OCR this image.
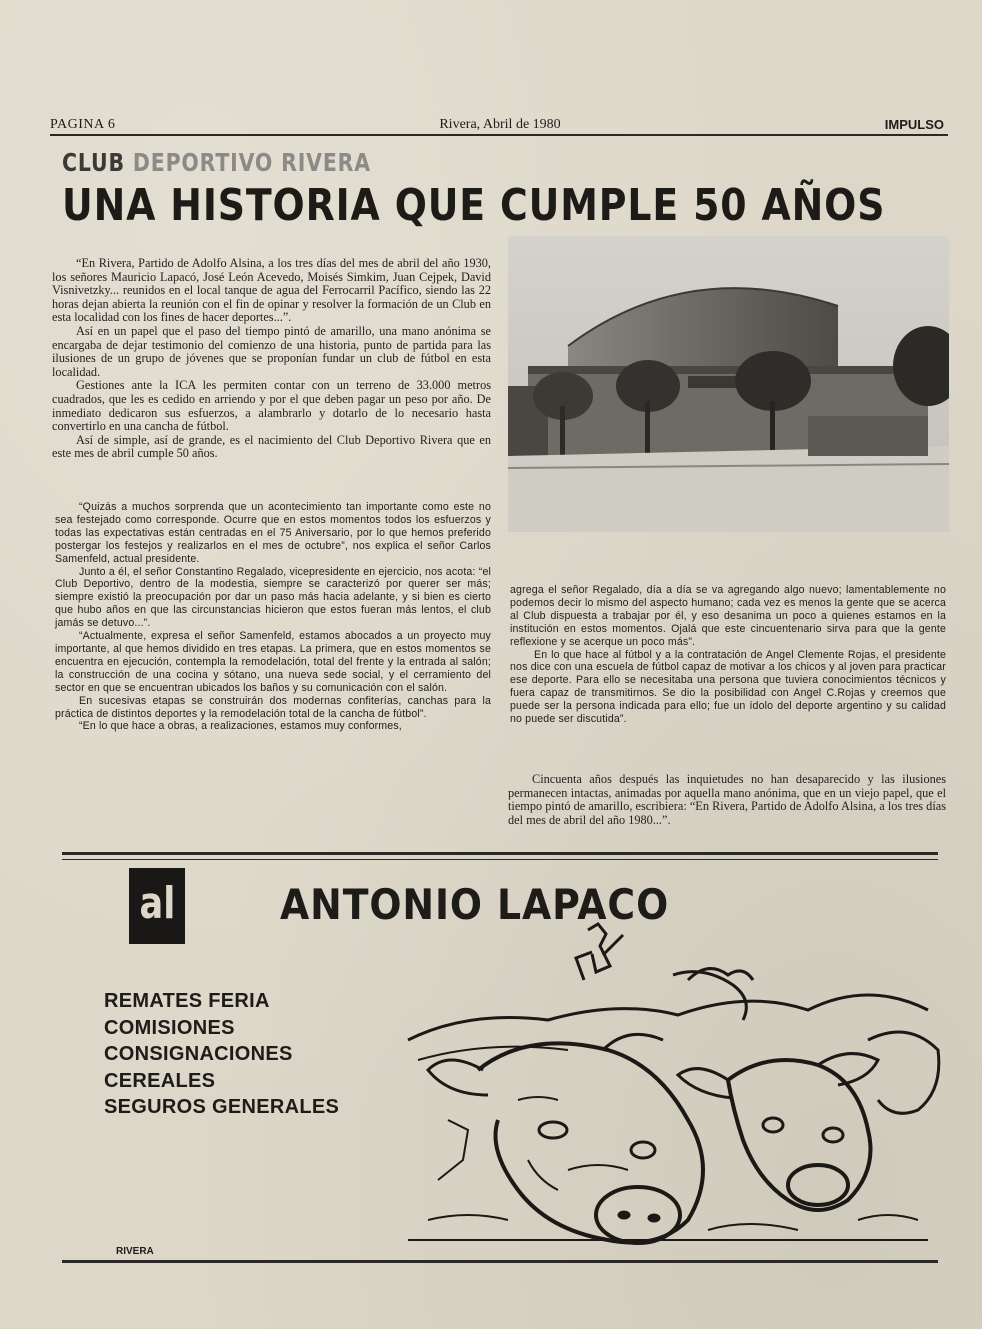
PAGINA 6	Rivera, Abril de 1980	IMPULSO
CLUB DEPORTIVO RIVERA
UNA HISTORIA QUE CUMPLE 50 AÑOS

“En Rivera, Partido de Adolfo Alsina, a los tres días del mes de abril del año 1930, los señores Mauricio Lapacó, José León Acevedo, Moisés Simkim, Juan Cejpek, David Visnivetzky... reunidos en el local tanque de agua del Ferrocarril Pacífico, siendo las 22 horas dejan abierta la reunión con el fin de opinar y resolver la formación de un Club en esta localidad con los fines de hacer deportes...”.

Así en un papel que el paso del tiempo pintó de amarillo, una mano anónima se encargaba de dejar testimonio del comienzo de una historia, punto de partida para las ilusiones de un grupo de jóvenes que se proponían fundar un club de fútbol en esta localidad.

Gestiones ante la ICA les permiten contar con un terreno de 33.000 metros cuadrados, que les es cedido en arriendo y por el que deben pagar un peso por año. De inmediato dedicaron sus esfuerzos, a alambrarlo y dotarlo de lo necesario hasta convertirlo en una cancha de fútbol.

Así de simple, así de grande, es el nacimiento del Club Deportivo Rivera que en este mes de abril cumple 50 años.

“Quizás a muchos sorprenda que un acontecimiento tan importante como este no sea festejado como corresponde. Ocurre que en estos momentos todos los esfuerzos y todas las expectativas están centradas en el 75 Aniversario, por lo que hemos preferido postergar los festejos y realizarlos en el mes de octubre”, nos explica el señor Carlos Samenfeld, actual presidente.

Junto a él, el señor Constantino Regalado, vicepresidente en ejercicio, nos acota: “el Club Deportivo, dentro de la modestia, siempre se caracterizó por querer ser más; siempre existió la preocupación por dar un paso más hacia adelante, y si bien es cierto que hubo años en que las circunstancias hicieron que estos fueran más lentos, el club jamás se detuvo...”.

“Actualmente, expresa el señor Samenfeld, estamos abocados a un proyecto muy importante, al que hemos dividido en tres etapas. La primera, que en estos momentos se encuentra en ejecución, contempla la remodelación, total del frente y la entrada al salón; la construcción de una cocina y sótano, una nueva sede social, y el cerramiento del sector en que se encuentran ubicados los baños y su comunicación con el salón.

En sucesivas etapas se construirán dos modernas confiterías, canchas para la práctica de distintos deportes y la remodelación total de la cancha de fútbol”.

“En lo que hace a obras, a realizaciones, estamos muy conformes,

agrega el señor Regalado, día a día se va agregando algo nuevo; lamentablemente no podemos decir lo mismo del aspecto humano; cada vez es menos la gente que se acerca al Club dispuesta a trabajar por él, y eso desanima un poco a quienes estamos en la institución en estos momentos. Ojalá que este cincuentenario sirva para que la gente reflexione y se acerque un poco más”.

En lo que hace al fútbol y a la contratación de Angel Clemente Rojas, el presidente nos dice con una escuela de fútbol capaz de motivar a los chicos y al joven para practicar ese deporte. Para ello se necesitaba una persona que tuviera conocimientos técnicos y fuera capaz de transmitirnos. Se dio la posibilidad con Angel C.Rojas y creemos que puede ser la persona indicada para ello; fue un ídolo del deporte argentino y su calidad no puede ser discutida”.

Cincuenta años después las inquietudes no han desaparecido y las ilusiones permanecen intactas, animadas por aquella mano anónima, que en un viejo papel, que el tiempo pintó de amarillo, escribiera: “En Rivera, Partido de Adolfo Alsina, a los tres días del mes de abril del año 1980...”.

al	ANTONIO LAPACO
REMATES FERIA
COMISIONES
CONSIGNACIONES
CEREALES
SEGUROS GENERALES
RIVERA
